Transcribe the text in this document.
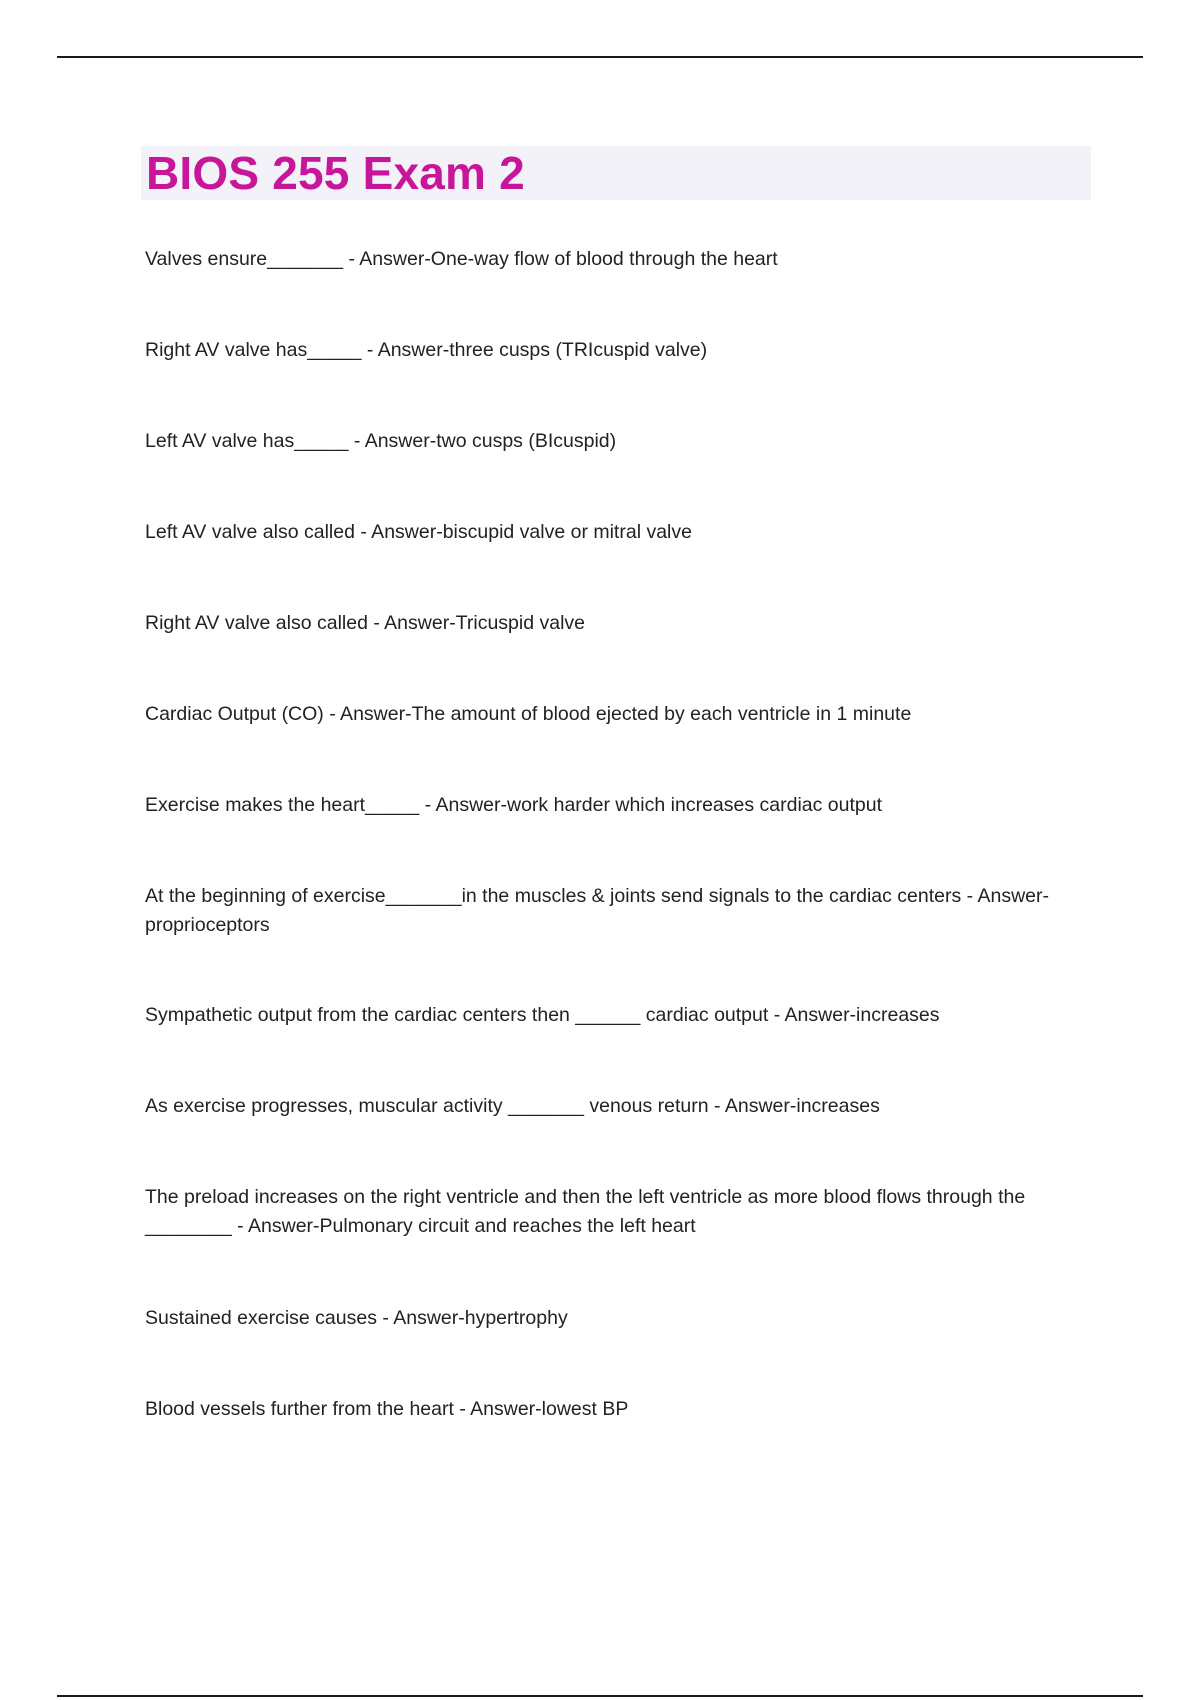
BIOS 255 Exam 2

Valves ensure_______ - Answer-One-way flow of blood through the heart

Right AV valve has_____ - Answer-three cusps (TRIcuspid valve)

Left AV valve has_____ - Answer-two cusps (BIcuspid)

Left AV valve also called - Answer-biscupid valve or mitral valve

Right AV valve also called - Answer-Tricuspid valve

Cardiac Output (CO) - Answer-The amount of blood ejected by each ventricle in 1 minute

Exercise makes the heart_____ - Answer-work harder which increases cardiac output

At the beginning of exercise_______in the muscles & joints send signals to the cardiac centers - Answer-proprioceptors

Sympathetic output from the cardiac centers then ______ cardiac output - Answer-increases

As exercise progresses, muscular activity _______ venous return - Answer-increases

The preload increases on the right ventricle and then the left ventricle as more blood flows through the ________ - Answer-Pulmonary circuit and reaches the left heart

Sustained exercise causes - Answer-hypertrophy

Blood vessels further from the heart - Answer-lowest BP
